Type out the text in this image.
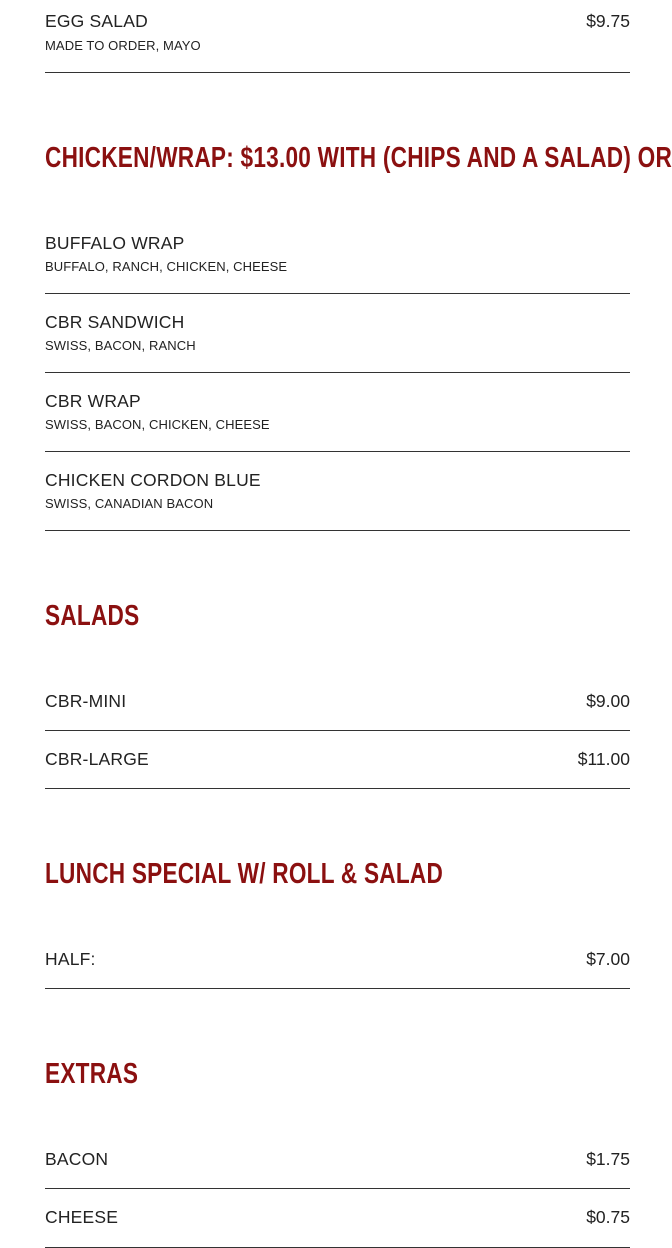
EGG SALAD
MADE TO ORDER, MAYO
$9.75
CHICKEN/WRAP: $13.00 WITH (CHIPS AND A SALAD) OR
BUFFALO WRAP
BUFFALO, RANCH, CHICKEN, CHEESE
CBR SANDWICH
SWISS, BACON, RANCH
CBR WRAP
SWISS, BACON, CHICKEN, CHEESE
CHICKEN CORDON BLUE
SWISS, CANADIAN BACON
SALADS
CBR-MINI	$9.00
CBR-LARGE	$11.00
LUNCH SPECIAL W/ ROLL & SALAD
HALF:	$7.00
EXTRAS
BACON	$1.75
CHEESE	$0.75
